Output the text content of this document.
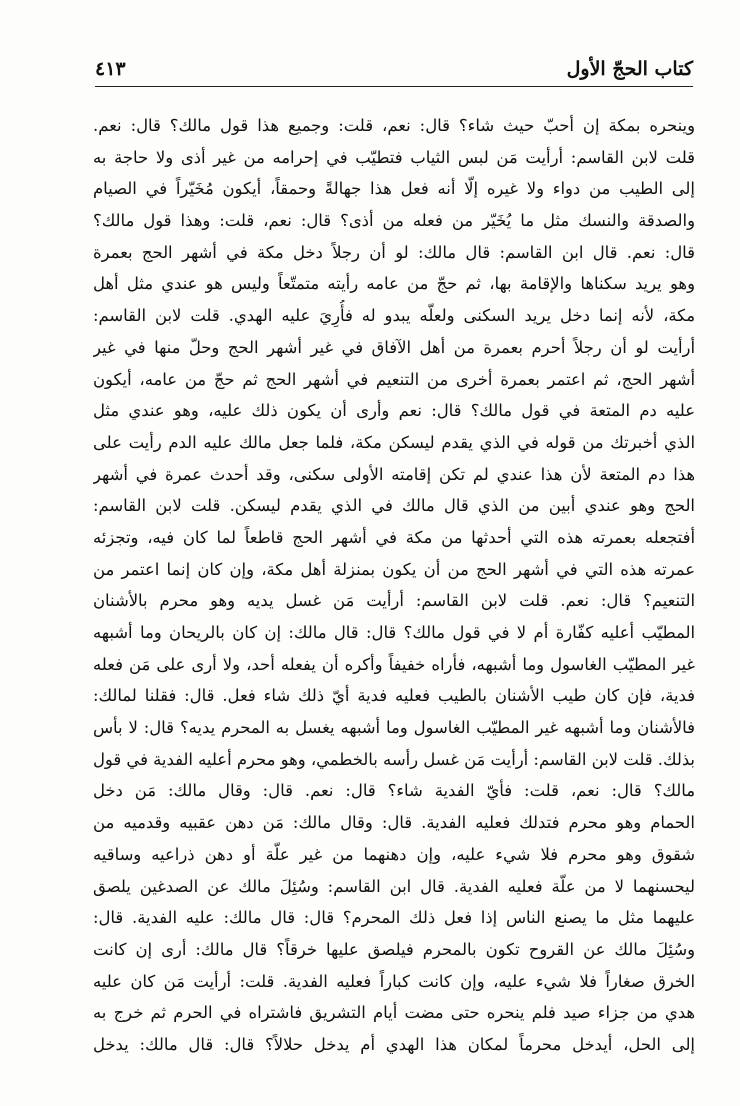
كتاب الحجّ الأول
٤١٣
وينحره بمكة إن أحبّ حيث شاء؟ قال: نعم، قلت: وجميع هذا قول مالك؟ قال: نعم.
قلت لابن القاسم: أرأيت مَن لبس الثياب فتطيّب في إحرامه من غير أذى ولا حاجة به
إلى الطيب من دواء ولا غيره إلّا أنه فعل هذا جهالةً وحمقاً، أيكون مُخَيّراً في الصيام
والصدقة والنسك مثل ما يُخَيّر من فعله من أذى؟ قال: نعم، قلت: وهذا قول مالك؟
قال: نعم. قال ابن القاسم: قال مالك: لو أن رجلاً دخل مكة في أشهر الحج بعمرة
وهو يريد سكناها والإقامة بها، ثم حجّ من عامه رأيته متمتّعاً وليس هو عندي مثل أهل
مكة، لأنه إنما دخل يريد السكنى ولعلّه يبدو له فأُرِيَ عليه الهدي. قلت لابن القاسم:
أرأيت لو أن رجلاً أحرم بعمرة من أهل الآفاق في غير أشهر الحج وحلّ منها في غير
أشهر الحج، ثم اعتمر بعمرة أخرى من التنعيم في أشهر الحج ثم حجّ من عامه، أيكون
عليه دم المتعة في قول مالك؟ قال: نعم وأرى أن يكون ذلك عليه، وهو عندي مثل
الذي أخبرتك من قوله في الذي يقدم ليسكن مكة، فلما جعل مالك عليه الدم رأيت على
هذا دم المتعة لأن هذا عندي لم تكن إقامته الأولى سكنى، وقد أحدث عمرة في أشهر
الحج وهو عندي أبين من الذي قال مالك في الذي يقدم ليسكن. قلت لابن القاسم:
أفتجعله بعمرته هذه التي أحدثها من مكة في أشهر الحج قاطعاً لما كان فيه، وتجزئه
عمرته هذه التي في أشهر الحج من أن يكون بمنزلة أهل مكة، وإن كان إنما اعتمر من
التنعيم؟ قال: نعم. قلت لابن القاسم: أرأيت مَن غسل يديه وهو محرم بالأشنان
المطيّب أعليه كفّارة أم لا في قول مالك؟ قال: قال مالك: إن كان بالريحان وما أشبهه
غير المطيّب الغاسول وما أشبهه، فأراه خفيفاً وأكره أن يفعله أحد، ولا أرى على مَن فعله
فدية، فإن كان طيب الأشنان بالطيب فعليه فدية أيّ ذلك شاء فعل. قال: فقلنا لمالك:
فالأشنان وما أشبهه غير المطيّب الغاسول وما أشبهه يغسل به المحرم يديه؟ قال: لا بأس
بذلك. قلت لابن القاسم: أرأيت مَن غسل رأسه بالخطمي، وهو محرم أعليه الفدية في قول
مالك؟ قال: نعم، قلت: فأيّ الفدية شاء؟ قال: نعم. قال: وقال مالك: مَن دخل
الحمام وهو محرم فتدلك فعليه الفدية. قال: وقال مالك: مَن دهن عقبيه وقدميه من
شقوق وهو محرم فلا شيء عليه، وإن دهنهما من غير علّة أو دهن ذراعيه وساقيه
ليحسنهما لا من علّة فعليه الفدية. قال ابن القاسم: وسُئِلَ مالك عن الصدغين يلصق
عليهما مثل ما يصنع الناس إذا فعل ذلك المحرم؟ قال: قال مالك: عليه الفدية. قال:
وسُئِلَ مالك عن القروح تكون بالمحرم فيلصق عليها خرقاً؟ قال مالك: أرى إن كانت
الخرق صغاراً فلا شيء عليه، وإن كانت كباراً فعليه الفدية. قلت: أرأيت مَن كان عليه
هدي من جزاء صيد فلم ينحره حتى مضت أيام التشريق فاشتراه في الحرم ثم خرج به
إلى الحل، أيدخل محرماً لمكان هذا الهدي أم يدخل حلالاً؟ قال: قال مالك: يدخل
